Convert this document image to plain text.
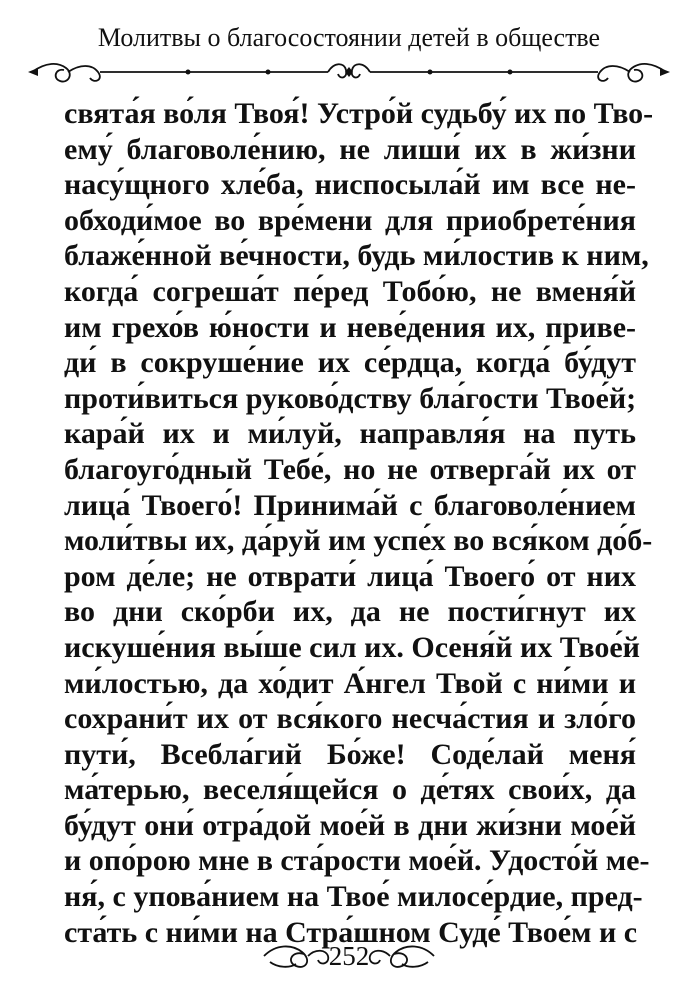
Молитвы о благосостоянии детей в обществе
свята́я во́ля Твоя́! Устро́й судьбу́ их по Тво-
ему́ благоволе́нию, не лиши́ их в жи́зни
насу́щного хле́ба, ниспосыла́й им все не-
обходи́мое во вре́мени для приобрете́ния
блаже́нной ве́чности, будь ми́лостив к ним,
когда́ согреша́т пе́ред Тобо́ю, не вменя́й
им грехо́в ю́ности и неве́дения их, приве-
ди́ в сокруше́ние их се́рдца, когда́ бу́дут
проти́виться руково́дству бла́гости Твое́й;
кара́й их и ми́луй, направля́я на путь
благоуго́дный Тебе́, но не отверга́й их от
лица́ Твоего́! Принима́й с благоволе́нием
моли́твы их, да́руй им успе́х во вся́ком до́б-
ром де́ле; не отврати́ лица́ Твоего́ от них
во дни ско́рби их, да не пости́гнут их
искуше́ния вы́ше сил их. Осеня́й их Твое́й
ми́лостью, да хо́дит А́нгел Твой с ни́ми и
сохрани́т их от вся́кого несча́стия и зло́го
пути́, Всебла́гий Бо́же! Соде́лай меня́
ма́терью, веселя́щейся о де́тях свои́х, да
бу́дут они́ отра́дой мое́й в дни жи́зни мое́й
и опо́рою мне в ста́рости мое́й. Удосто́й ме-
ня́, с упова́нием на Твое́ милосе́рдие, пред-
ста́ть с ни́ми на Стра́шном Суде́ Твое́м и с
252
